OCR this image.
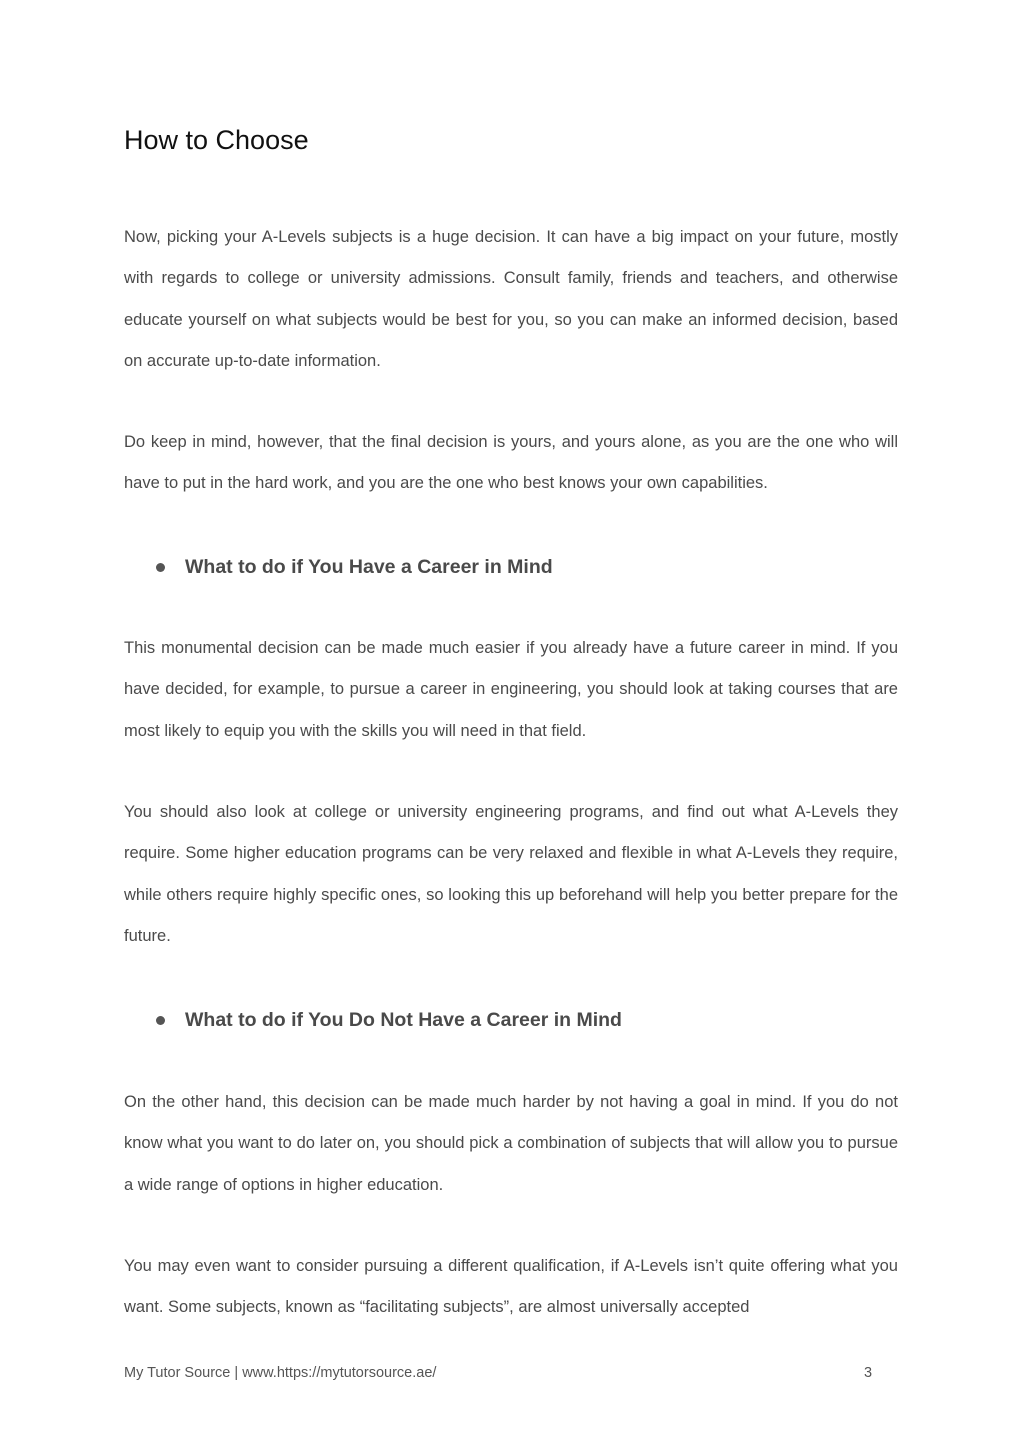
How to Choose

Now, picking your A-Levels subjects is a huge decision. It can have a big impact on your future, mostly with regards to college or university admissions. Consult family, friends and teachers, and otherwise educate yourself on what subjects would be best for you, so you can make an informed decision, based on accurate up-to-date information.

Do keep in mind, however, that the final decision is yours, and yours alone, as you are the one who will have to put in the hard work, and you are the one who best knows your own capabilities.

What to do if You Have a Career in Mind

This monumental decision can be made much easier if you already have a future career in mind. If you have decided, for example, to pursue a career in engineering, you should look at taking courses that are most likely to equip you with the skills you will need in that field.

You should also look at college or university engineering programs, and find out what A-Levels they require. Some higher education programs can be very relaxed and flexible in what A-Levels they require, while others require highly specific ones, so looking this up beforehand will help you better prepare for the future.

What to do if You Do Not Have a Career in Mind

On the other hand, this decision can be made much harder by not having a goal in mind. If you do not know what you want to do later on, you should pick a combination of subjects that will allow you to pursue a wide range of options in higher education.

You may even want to consider pursuing a different qualification, if A-Levels isn’t quite offering what you want. Some subjects, known as “facilitating subjects”, are almost universally accepted

My Tutor Source | www.https://mytutorsource.ae/	3
